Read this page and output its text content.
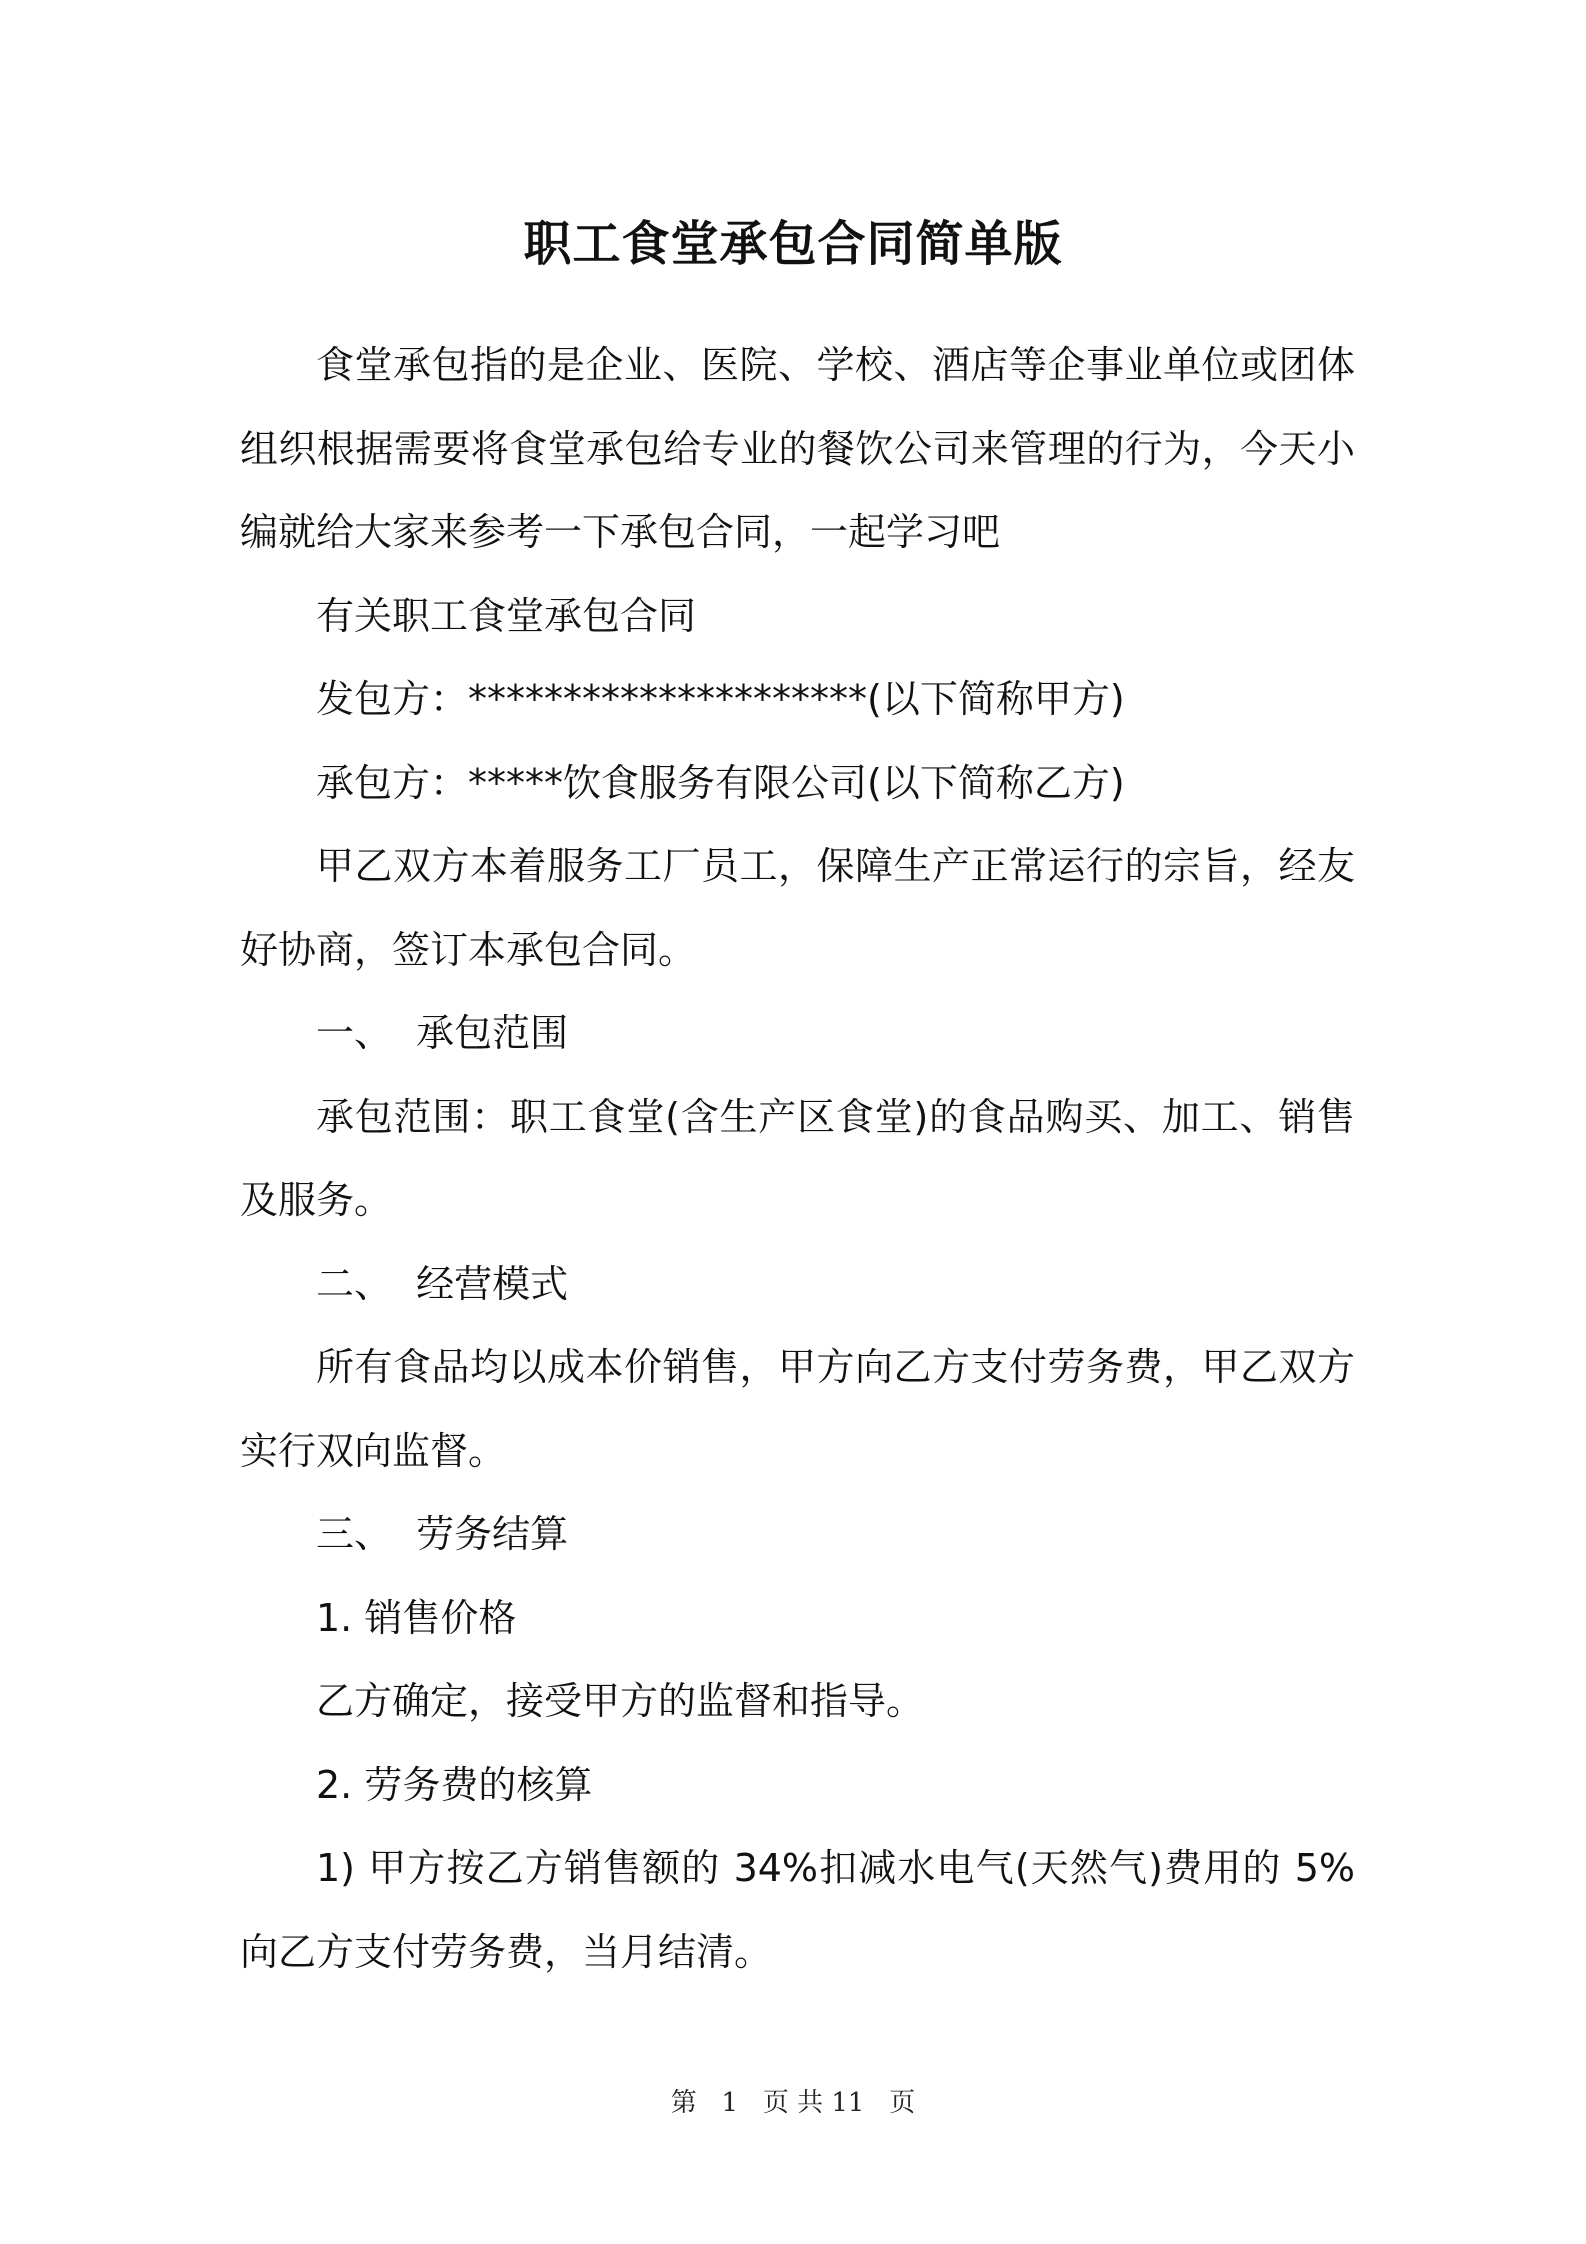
职工食堂承包合同简单版

食堂承包指的是企业、医院、学校、酒店等企事业单位或团体组织根据需要将食堂承包给专业的餐饮公司来管理的行为，今天小编就给大家来参考一下承包合同，一起学习吧

有关职工食堂承包合同

发包方：*********************(以下简称甲方)

承包方：*****饮食服务有限公司(以下简称乙方)

甲乙双方本着服务工厂员工，保障生产正常运行的宗旨，经友好协商，签订本承包合同。

一、  承包范围

承包范围：职工食堂(含生产区食堂)的食品购买、加工、销售及服务。

二、  经营模式

所有食品均以成本价销售，甲方向乙方支付劳务费，甲乙双方实行双向监督。

三、  劳务结算

1. 销售价格

乙方确定，接受甲方的监督和指导。

2. 劳务费的核算

1) 甲方按乙方销售额的 34%扣减水电气(天然气)费用的 5%向乙方支付劳务费，当月结清。

第 1 页 共 11 页
